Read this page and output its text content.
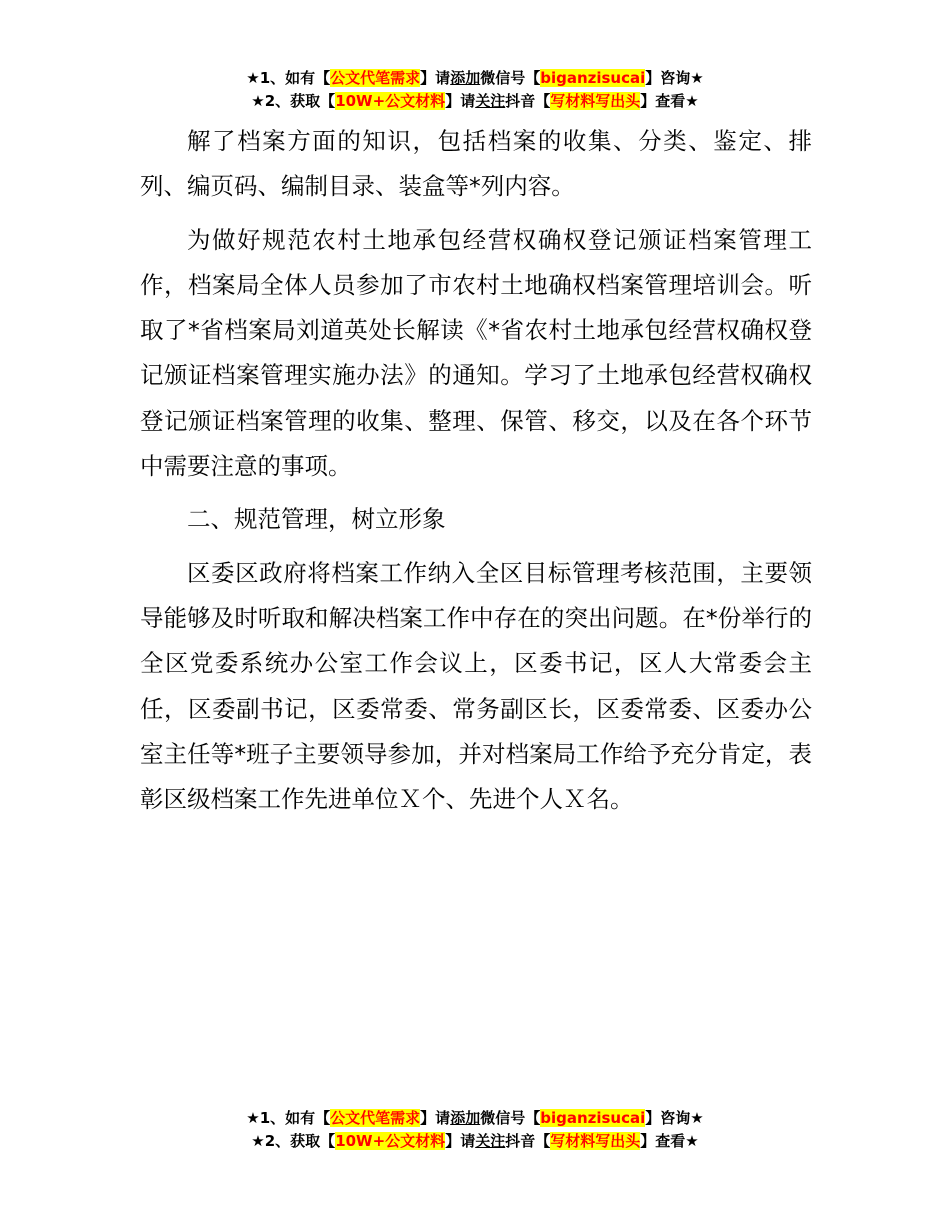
★1、如有【公文代笔需求】请添加微信号【biganzisucai】咨询★
★2、获取【10W+公文材料】请关注抖音【写材料写出头】查看★

解了档案方面的知识，包括档案的收集、分类、鉴定、排列、编页码、编制目录、装盒等*列内容。

为做好规范农村土地承包经营权确权登记颁证档案管理工作，档案局全体人员参加了市农村土地确权档案管理培训会。听取了*省档案局刘道英处长解读《*省农村土地承包经营权确权登记颁证档案管理实施办法》的通知。学习了土地承包经营权确权登记颁证档案管理的收集、整理、保管、移交，以及在各个环节中需要注意的事项。

二、规范管理，树立形象

区委区政府将档案工作纳入全区目标管理考核范围，主要领导能够及时听取和解决档案工作中存在的突出问题。在*份举行的全区党委系统办公室工作会议上，区委书记，区人大常委会主任，区委副书记，区委常委、常务副区长，区委常委、区委办公室主任等*班子主要领导参加，并对档案局工作给予充分肯定，表彰区级档案工作先进单位Ｘ个、先进个人Ｘ名。

★1、如有【公文代笔需求】请添加微信号【biganzisucai】咨询★
★2、获取【10W+公文材料】请关注抖音【写材料写出头】查看★
